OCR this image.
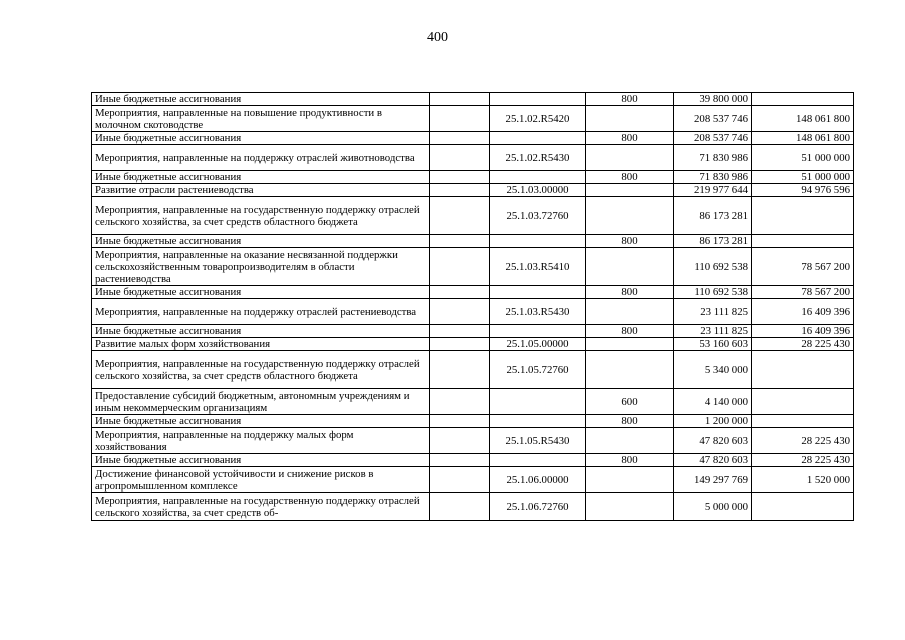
400
Иные бюджетные ассигнования			800	39 800 000	
Мероприятия, направленные на повышение продуктивности в молочном скотоводстве		25.1.02.R5420		208 537 746	148 061 800
Иные бюджетные ассигнования			800	208 537 746	148 061 800
Мероприятия, направленные на поддержку отраслей животноводства		25.1.02.R5430		71 830 986	51 000 000
Иные бюджетные ассигнования			800	71 830 986	51 000 000
Развитие отрасли растениеводства		25.1.03.00000		219 977 644	94 976 596
Мероприятия, направленные на государственную поддержку отраслей сельского хозяйства, за счет средств областного бюджета		25.1.03.72760		86 173 281	
Иные бюджетные ассигнования			800	86 173 281	
Мероприятия, направленные на оказание несвязанной поддержки сельскохозяйственным товаропроизводителям в области растениеводства		25.1.03.R5410		110 692 538	78 567 200
Иные бюджетные ассигнования			800	110 692 538	78 567 200
Мероприятия, направленные на поддержку отраслей растениеводства		25.1.03.R5430		23 111 825	16 409 396
Иные бюджетные ассигнования			800	23 111 825	16 409 396
Развитие малых форм хозяйствования		25.1.05.00000		53 160 603	28 225 430
Мероприятия, направленные на государственную поддержку отраслей сельского хозяйства, за счет средств областного бюджета		25.1.05.72760		5 340 000	
Предоставление субсидий бюджетным, автономным учреждениям и иным некоммерческим организациям			600	4 140 000	
Иные бюджетные ассигнования			800	1 200 000	
Мероприятия, направленные на поддержку малых форм хозяйствования		25.1.05.R5430		47 820 603	28 225 430
Иные бюджетные ассигнования			800	47 820 603	28 225 430
Достижение финансовой устойчивости и снижение рисков в агропромышленном комплексе		25.1.06.00000		149 297 769	1 520 000
Мероприятия, направленные на государственную поддержку отраслей сельского хозяйства, за счет средств об-		25.1.06.72760		5 000 000	
